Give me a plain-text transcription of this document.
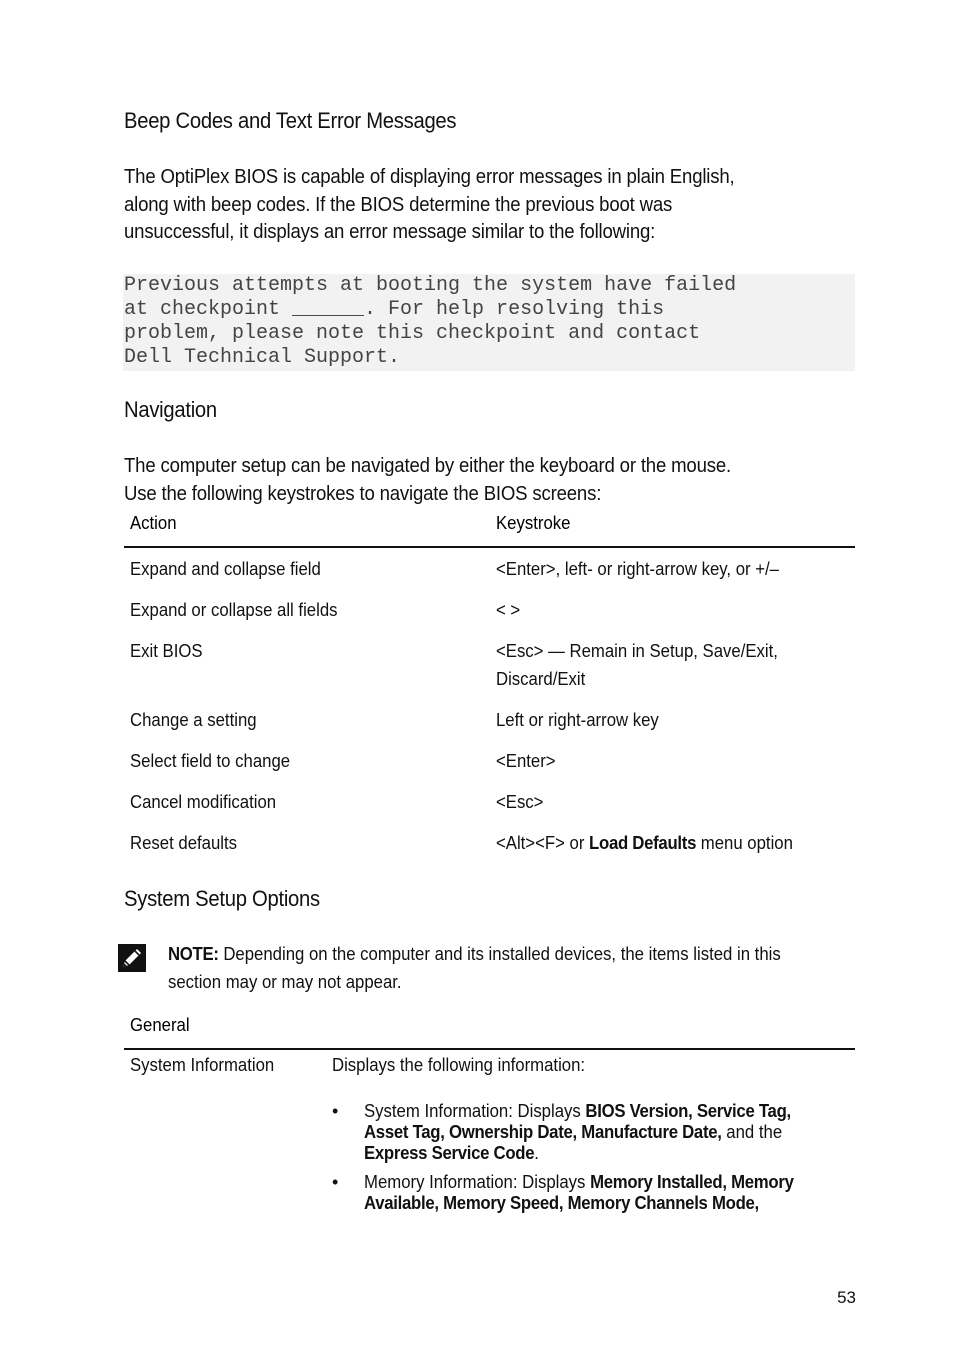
Beep Codes and Text Error Messages

The OptiPlex BIOS is capable of displaying error messages in plain English,
along with beep codes. If the BIOS determine the previous boot was
unsuccessful, it displays an error message similar to the following:

Previous attempts at booting the system have failed
at checkpoint ______. For help resolving this
problem, please note this checkpoint and contact
Dell Technical Support.
Navigation

The computer setup can be navigated by either the keyboard or the mouse.
Use the following keystrokes to navigate the BIOS screens:

Action	Keystroke
Expand and collapse field	<Enter>, left- or right-arrow key, or +/–
Expand or collapse all fields	< >
Exit BIOS	<Esc> — Remain in Setup, Save/Exit,
Discard/Exit

Change a setting	Left or right-arrow key
Select field to change	<Enter>
Cancel modification	<Esc>
Reset defaults	<Alt><F> or Load Defaults menu option
System Setup Options

NOTE: Depending on the computer and its installed devices, the items listed in this
section may or may not appear.

General
System Information	Displays the following information:
• System Information: Displays BIOS Version, Service Tag,
Asset Tag, Ownership Date, Manufacture Date, and the
Express Service Code.
• Memory Information: Displays Memory Installed, Memory
Available, Memory Speed, Memory Channels Mode,
53
